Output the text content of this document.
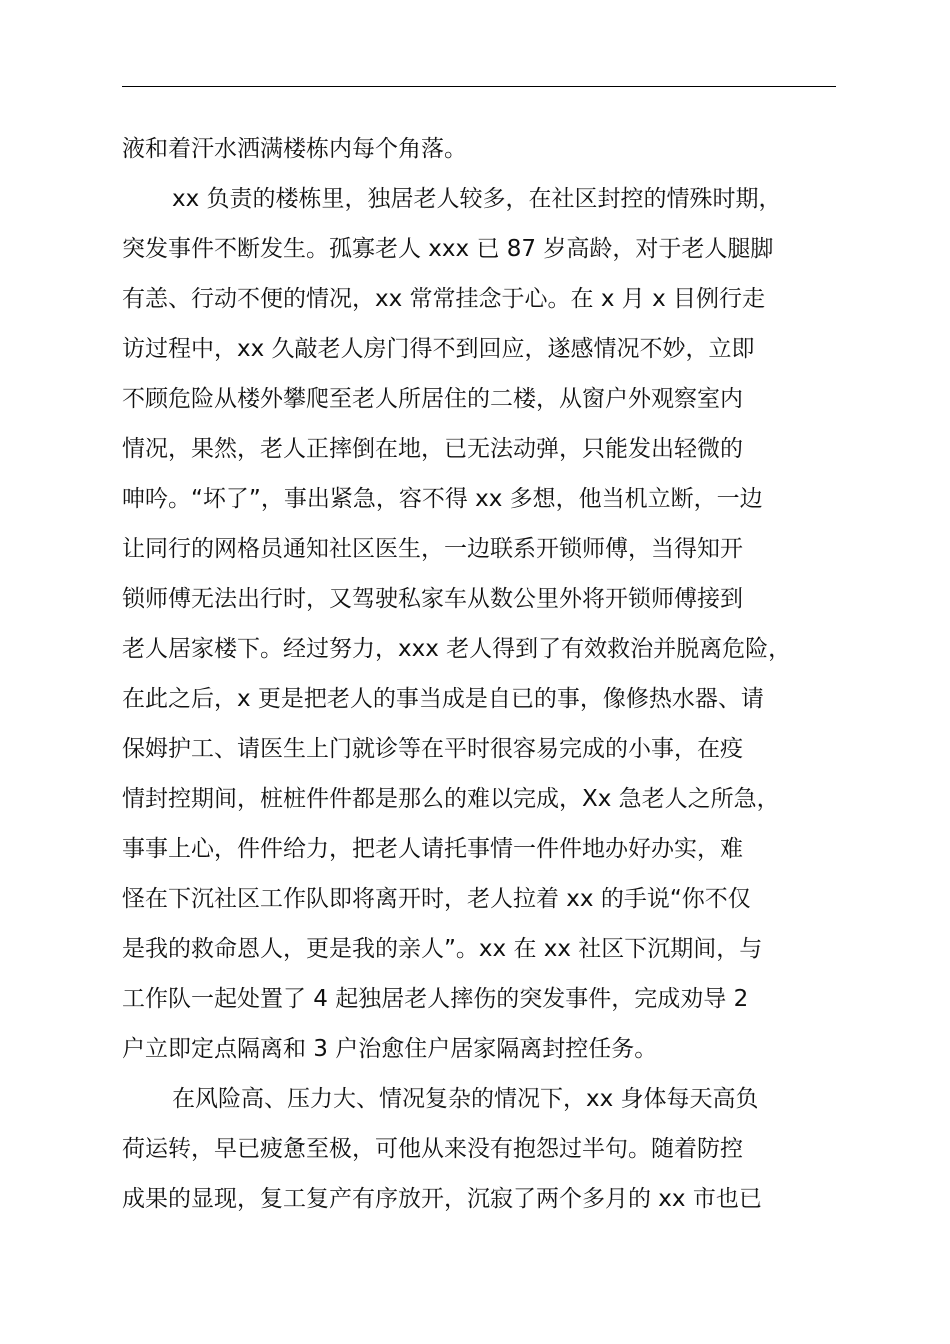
液和着汗水洒满楼栋内每个角落。
xx 负责的楼栋里，独居老人较多，在社区封控的情殊时期，
突发事件不断发生。孤寡老人 xxx 已 87 岁高龄，对于老人腿脚
有恙、行动不便的情况，xx 常常挂念于心。在 x 月 x 目例行走
访过程中，xx 久敲老人房门得不到回应，遂感情况不妙，立即
不顾危险从楼外攀爬至老人所居住的二楼，从窗户外观察室内
情况，果然，老人正摔倒在地，已无法动弹，只能发出轻微的
呻吟。“坏了”，事出紧急，容不得 xx 多想，他当机立断，一边
让同行的网格员通知社区医生，一边联系开锁师傅，当得知开
锁师傅无法出行时，又驾驶私家车从数公里外将开锁师傅接到
老人居家楼下。经过努力，xxx 老人得到了有效救治并脱离危险，
在此之后，x 更是把老人的事当成是自已的事，像修热水器、请
保姆护工、请医生上门就诊等在平时很容易完成的小事，在疫
情封控期间，桩桩件件都是那么的难以完成，Xx 急老人之所急，
事事上心，件件给力，把老人请托事情一件件地办好办实，难
怪在下沉社区工作队即将离开时，老人拉着 xx 的手说“你不仅
是我的救命恩人，更是我的亲人”。xx 在 xx 社区下沉期间，与
工作队一起处置了 4 起独居老人摔伤的突发事件，完成劝导 2
户立即定点隔离和 3 户治愈住户居家隔离封控任务。
在风险高、压力大、情况复杂的情况下，xx 身体每天高负
荷运转，早已疲惫至极，可他从来没有抱怨过半句。随着防控
成果的显现，复工复产有序放开，沉寂了两个多月的 xx 市也已
